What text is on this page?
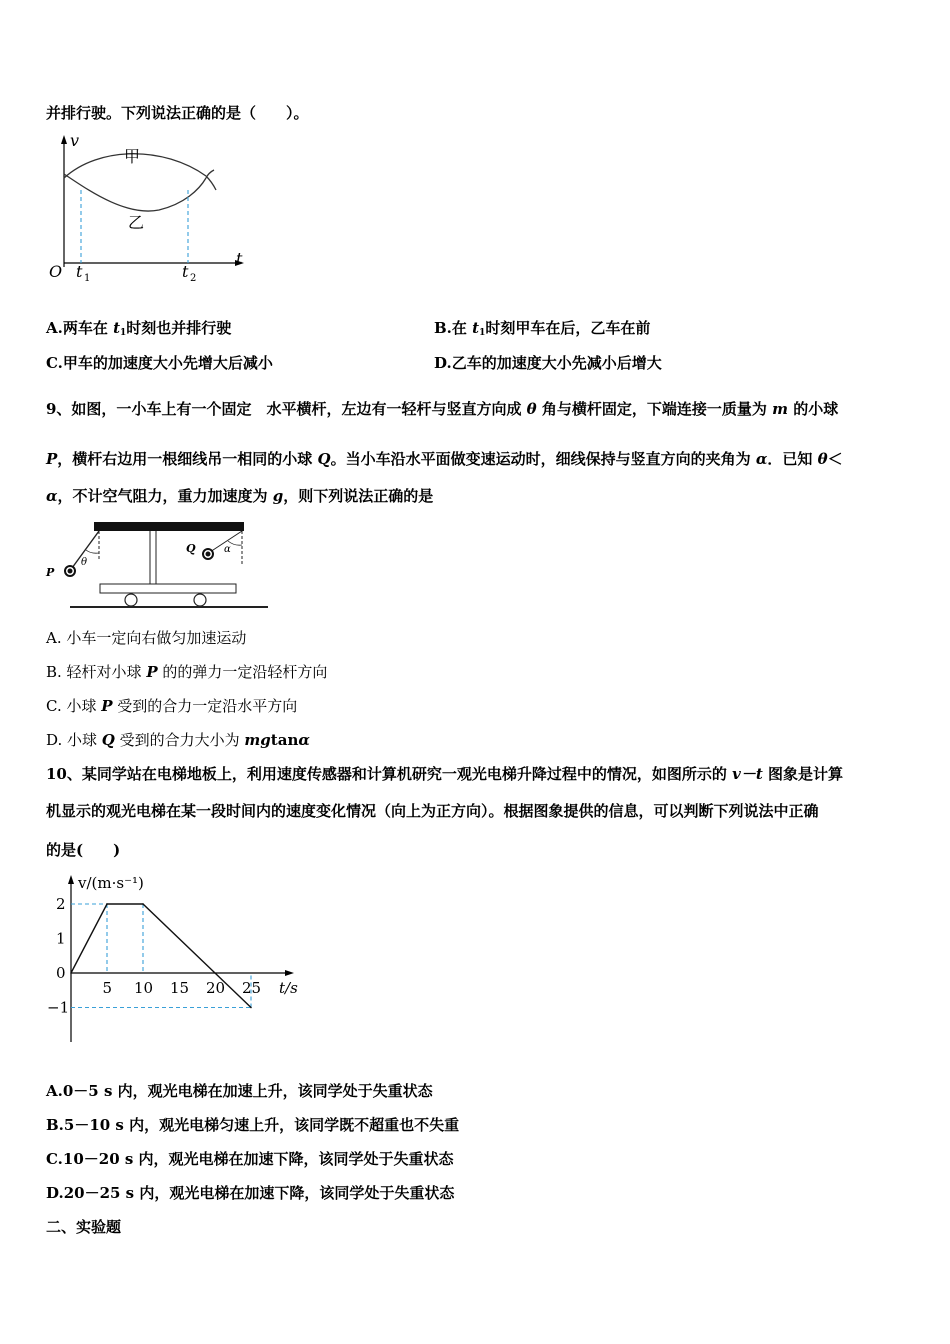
并排行驶。下列说法正确的是（　　）。
v
t
O
甲
乙
t 1	t 2
A.两车在 $t_1$时刻也并排行驶	B.在 $t_1$时刻甲车在后，乙车在前
C.甲车的加速度大小先增大后减小	D.乙车的加速度大小先减小后增大
9、如图，一小车上有一个固定　水平横杆，左边有一轻杆与竖直方向成 θ 角与横杆固定，下端连接一质量为 m 的小球
P，横杆右边用一根细线吊一相同的小球 Q。当小车沿水平面做变速运动时，细线保持与竖直方向的夹角为 α．已知 θ＜
α，不计空气阻力，重力加速度为 g，则下列说法正确的是
P
θ
Q	α
A. 小车一定向右做匀加速运动
B. 轻杆对小球 P 的的弹力一定沿轻杆方向
C. 小球 P 受到的合力一定沿水平方向
D. 小球 Q 受到的合力大小为 mgtanα
10、某同学站在电梯地板上，利用速度传感器和计算机研究一观光电梯升降过程中的情况，如图所示的 v－t 图象是计算
机显示的观光电梯在某一段时间内的速度变化情况（向上为正方向）。根据图象提供的信息，可以判断下列说法中正确
的是(　　)
v/(m·s⁻¹)
t/s
5 10 15 20 25
2
1
0
−1
A.0－5 s 内，观光电梯在加速上升，该同学处于失重状态
B.5－10 s 内，观光电梯匀速上升，该同学既不超重也不失重
C.10－20 s 内，观光电梯在加速下降，该同学处于失重状态
D.20－25 s 内，观光电梯在加速下降，该同学处于失重状态
二、实验题
